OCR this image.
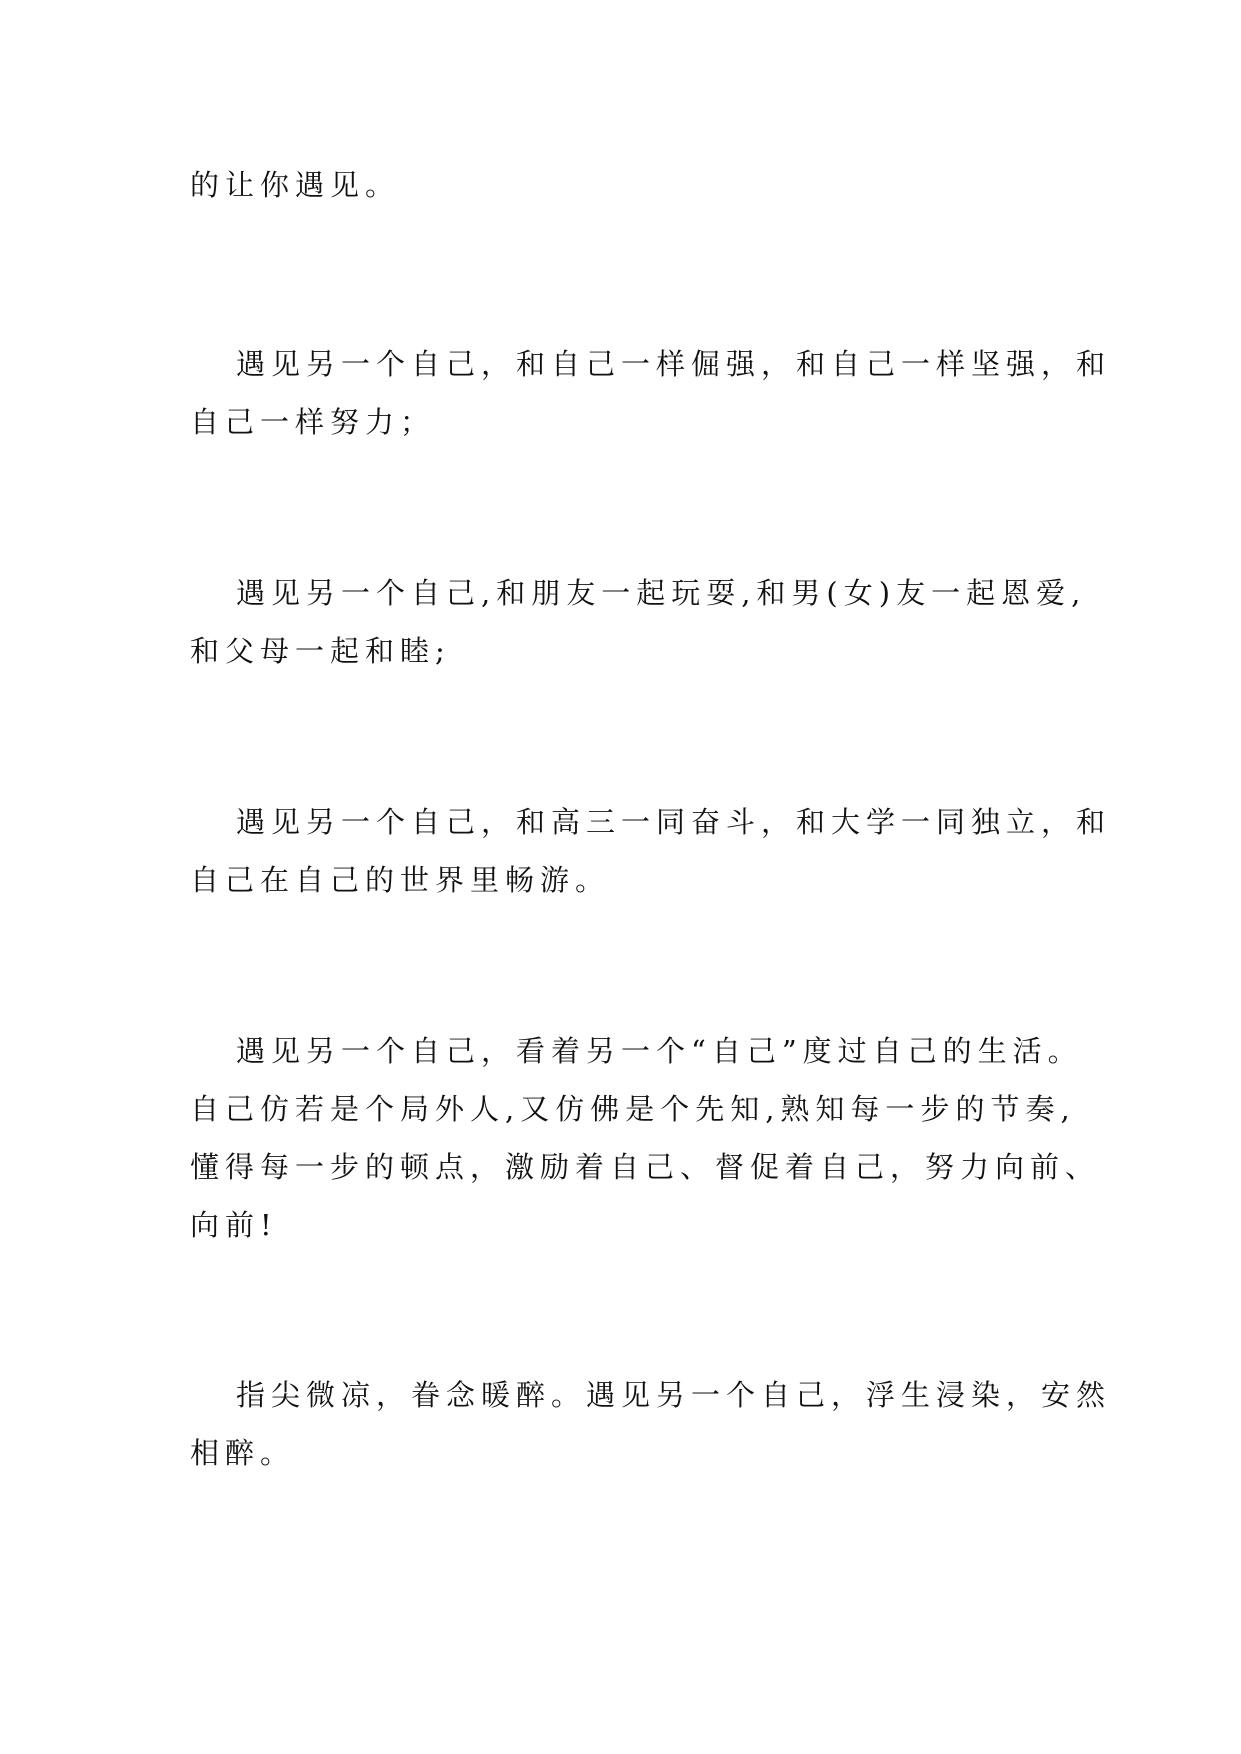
的让你遇见。
遇见另一个自己，和自己一样倔强，和自己一样坚强，和
自己一样努力；
遇见另一个自己,和朋友一起玩耍,和男(女)友一起恩爱,
和父母一起和睦;
遇见另一个自己，和高三一同奋斗，和大学一同独立，和
自己在自己的世界里畅游。
遇见另一个自己，看着另一个“自己”度过自己的生活。
自己仿若是个局外人,又仿佛是个先知,熟知每一步的节奏,
懂得每一步的顿点，激励着自己、督促着自己，努力向前、
向前!
指尖微凉，眷念暖醉。遇见另一个自己，浮生浸染，安然
相醉。
